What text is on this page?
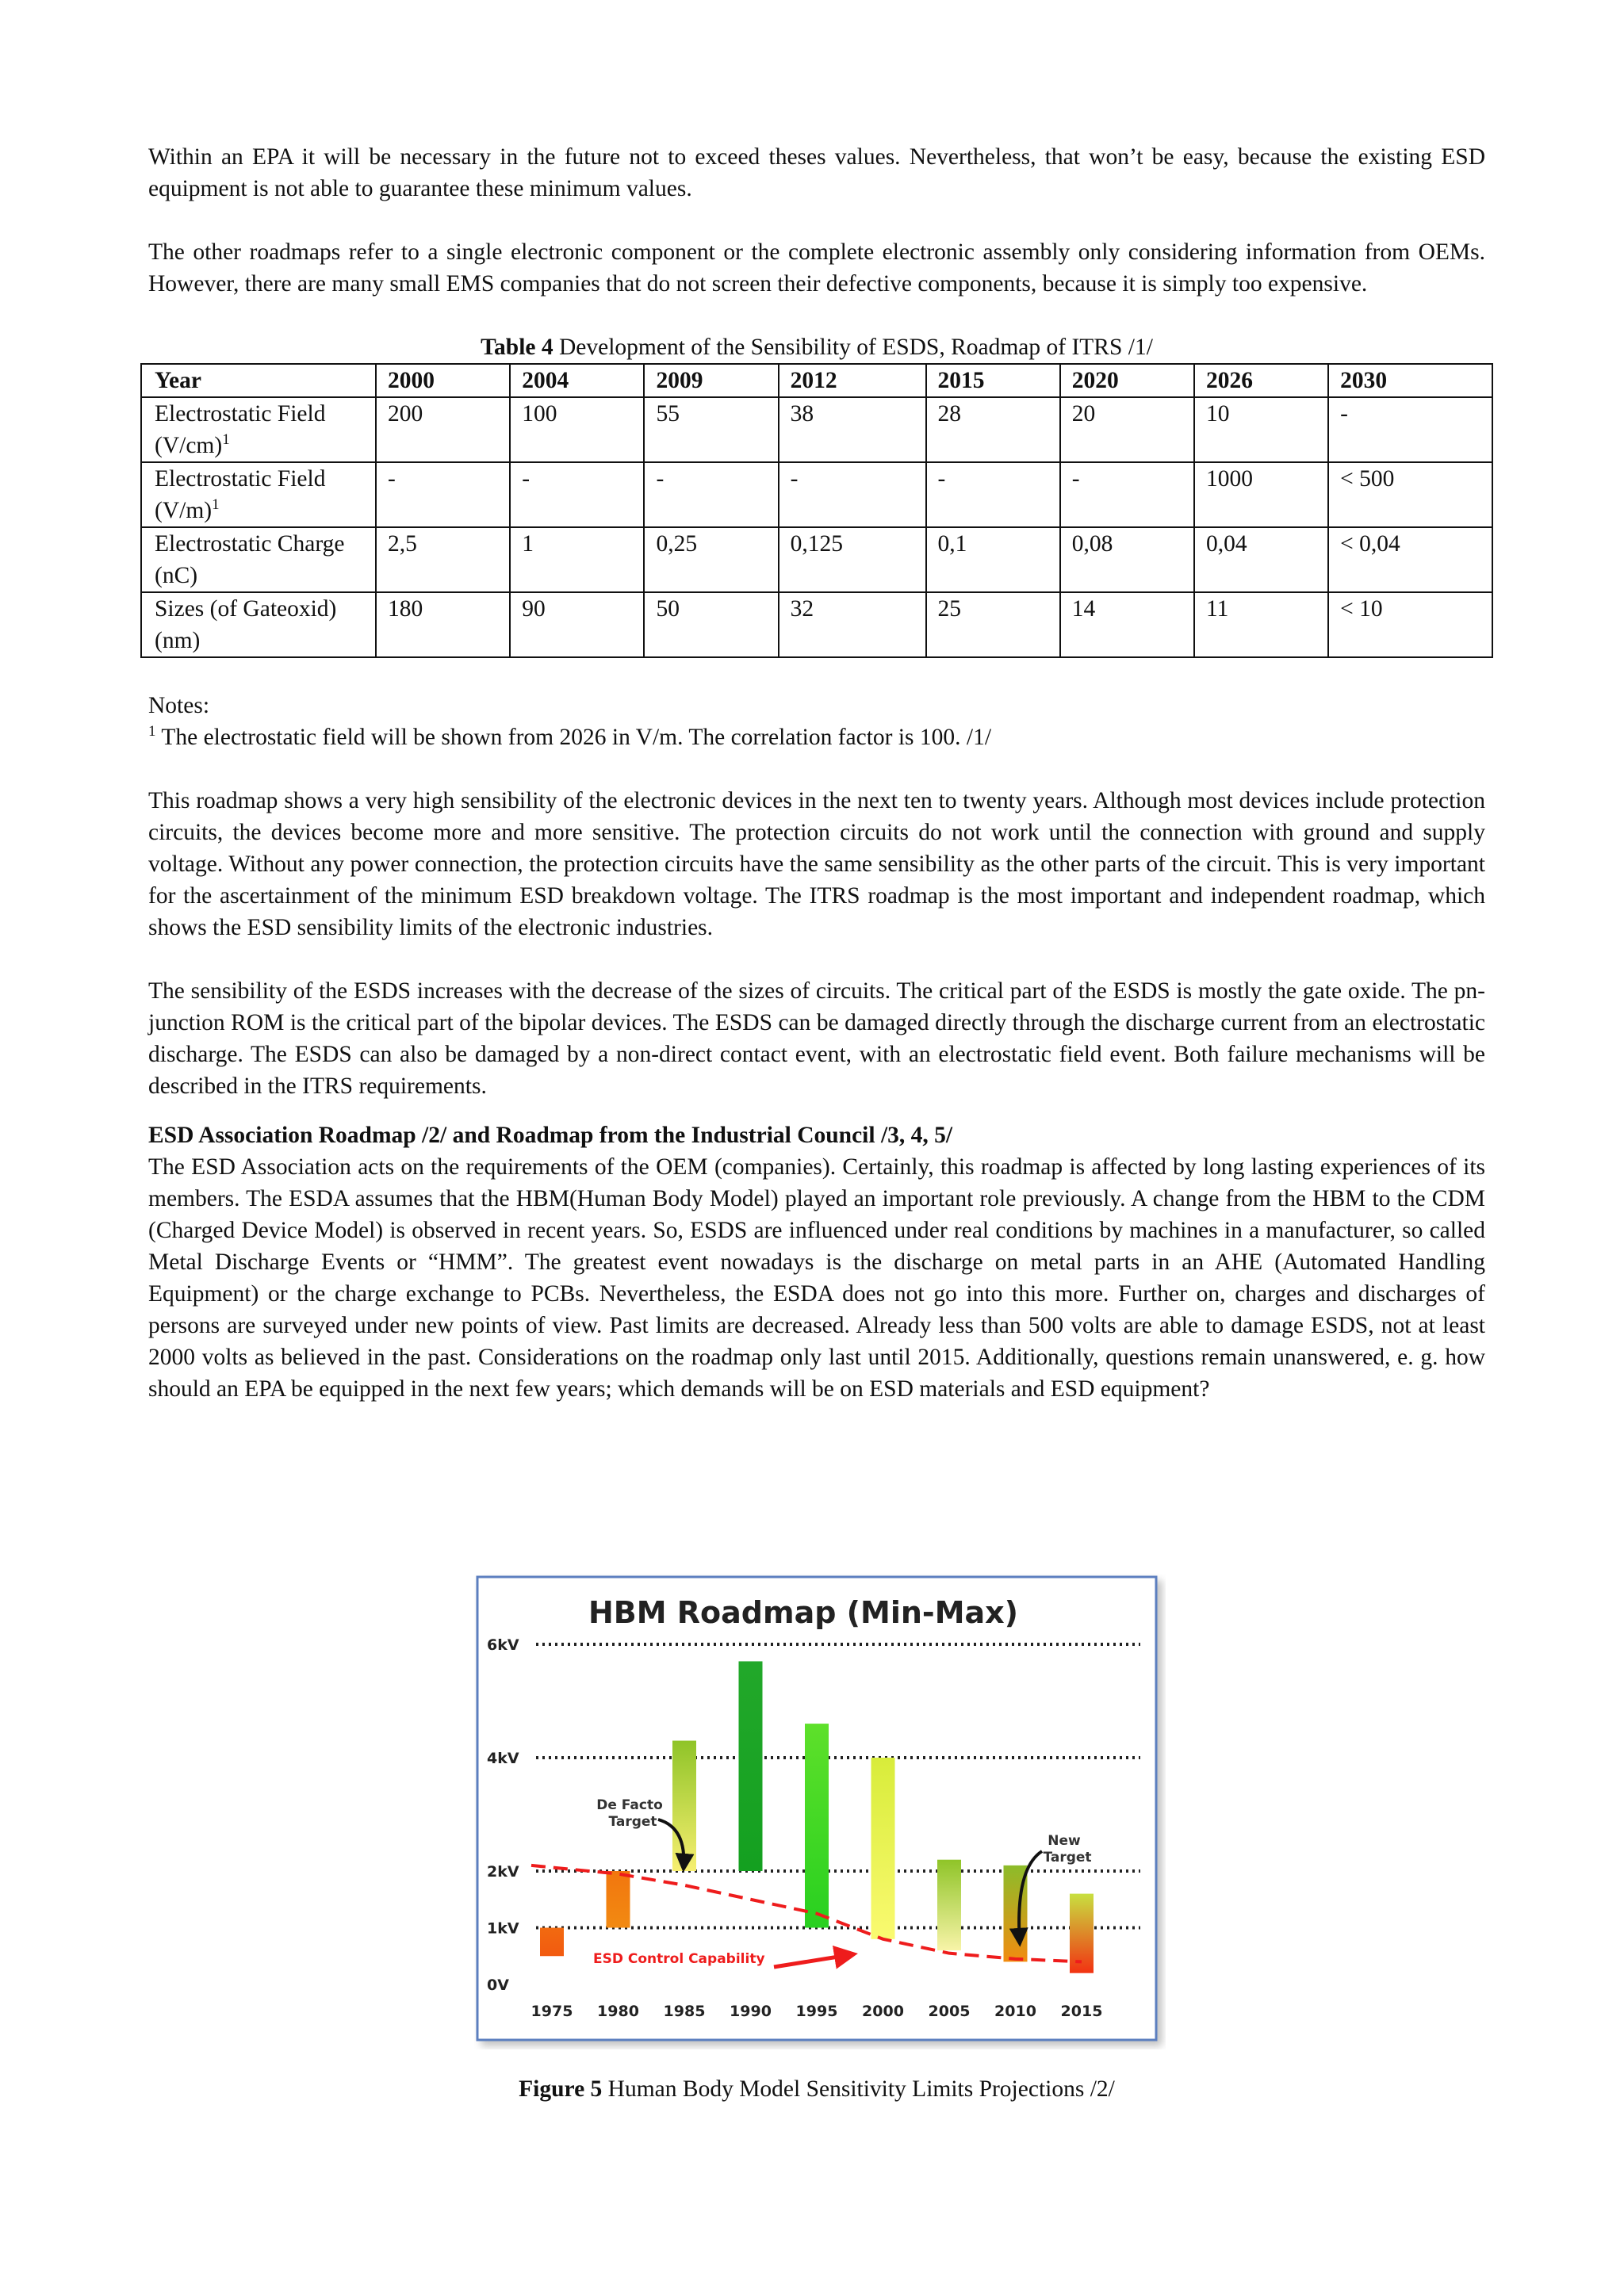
Within an EPA it will be necessary in the future not to exceed theses values. Nevertheless, that won’t be easy, because the existing ESD equipment is not able to guarantee these minimum values.

The other roadmaps refer to a single electronic component or the complete electronic assembly only considering information from OEMs. However, there are many small EMS companies that do not screen their defective components, because it is simply too expensive.

Table 4 Development of the Sensibility of ESDS, Roadmap of ITRS /1/
Year	2000	2004	2009	2012	2015	2020	2026	2030
Electrostatic Field $(V/cm)^1$	200	100	55	38	28	20	10	-
Electrostatic Field $(V/m)^1$	-	-	-	-	-	-	1000	< 500
Electrostatic Charge (nC)	2,5	1	0,25	0,125	0,1	0,08	0,04	< 0,04
Sizes (of Gateoxid) (nm)	180	90	50	32	25	14	11	< 10
Notes:
$^1$ The electrostatic field will be shown from 2026 in V/m. The correlation factor is 100. /1/

This roadmap shows a very high sensibility of the electronic devices in the next ten to twenty years. Although most devices include protection circuits, the devices become more and more sensitive. The protection circuits do not work until the connection with ground and supply voltage. Without any power connection, the protection circuits have the same sensibility as the other parts of the circuit. This is very important for the ascertainment of the minimum ESD breakdown voltage. The ITRS roadmap is the most important and independent roadmap, which shows the ESD sensibility limits of the electronic industries.

The sensibility of the ESDS increases with the decrease of the sizes of circuits. The critical part of the ESDS is mostly the gate oxide. The pn-junction ROM is the critical part of the bipolar devices. The ESDS can be damaged directly through the discharge current from an electrostatic discharge. The ESDS can also be damaged by a non-direct contact event, with an electrostatic field event. Both failure mechanisms will be described in the ITRS requirements.

ESD Association Roadmap /2/ and Roadmap from the Industrial Council /3, 4, 5/

The ESD Association acts on the requirements of the OEM (companies). Certainly, this roadmap is affected by long lasting experiences of its members. The ESDA assumes that the HBM(Human Body Model) played an important role previously. A change from the HBM to the CDM (Charged Device Model) is observed in recent years. So, ESDS are influenced under real conditions by machines in a manufacturer, so called Metal Discharge Events or “HMM”. The greatest event nowadays is the discharge on metal parts in an AHE (Automated Handling Equipment) or the charge exchange to PCBs. Nevertheless, the ESDA does not go into this more. Further on, charges and discharges of persons are surveyed under new points of view. Past limits are decreased. Already less than 500 volts are able to damage ESDS, not at least 2000 volts as believed in the past. Considerations on the roadmap only last until 2015. Additionally, questions remain unanswered, e. g. how should an EPA be equipped in the next few years; which demands will be on ESD materials and ESD equipment?

HBM Roadmap (Min-Max)
0V
1kV
2kV
4kV
6kV
1975 1980 1985 1990 1995 2000 2005 2010 2015
De Facto
Target
New
Target
ESD Control Capability
Figure 5 Human Body Model Sensitivity Limits Projections /2/
